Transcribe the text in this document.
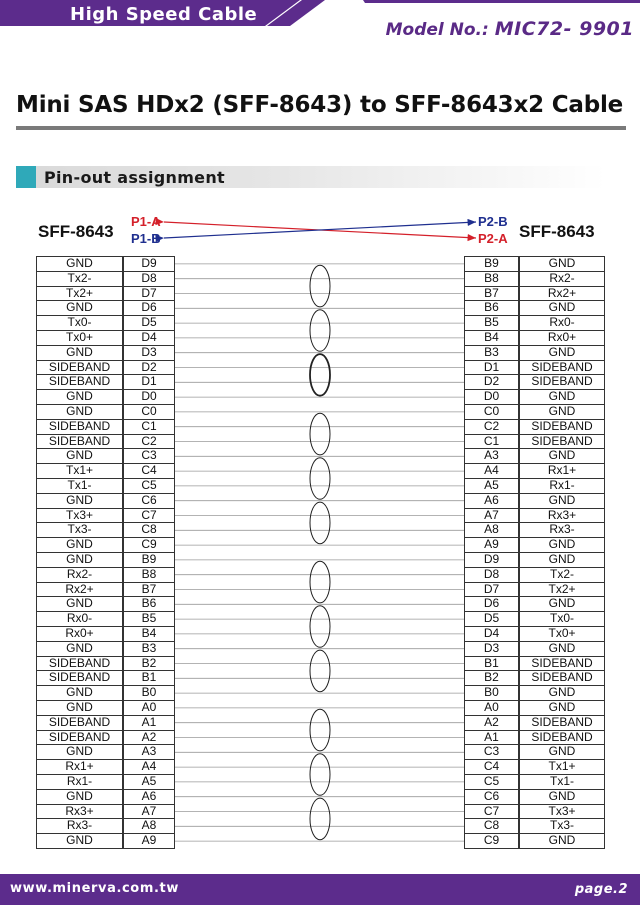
High Speed Cable
Model No.: MIC72- 9901
Mini SAS HDx2 (SFF-8643) to SFF-8643x2 Cable
Pin-out assignment
SFF-8643
P1-A
P1-B
P2-B
P2-A SFF-8643
GND	D9
Tx2-	D8
Tx2+	D7
GND	D6
Tx0-	D5
Tx0+	D4
GND	D3
SIDEBAND	D2
SIDEBAND	D1
GND	D0
GND	C0
SIDEBAND	C1
SIDEBAND	C2
GND	C3
Tx1+	C4
Tx1-	C5
GND	C6
Tx3+	C7
Tx3-	C8
GND	C9
GND	B9
Rx2-	B8
Rx2+	B7
GND	B6
Rx0-	B5
Rx0+	B4
GND	B3
SIDEBAND	B2
SIDEBAND	B1
GND	B0
GND	A0
SIDEBAND	A1
SIDEBAND	A2
GND	A3
Rx1+	A4
Rx1-	A5
GND	A6
Rx3+	A7
Rx3-	A8
GND	A9
B9	GND
B8	Rx2-
B7	Rx2+
B6	GND
B5	Rx0-
B4	Rx0+
B3	GND
D1	SIDEBAND
D2	SIDEBAND
D0	GND
C0	GND
C2	SIDEBAND
C1	SIDEBAND
A3	GND
A4	Rx1+
A5	Rx1-
A6	GND
A7	Rx3+
A8	Rx3-
A9	GND
D9	GND
D8	Tx2-
D7	Tx2+
D6	GND
D5	Tx0-
D4	Tx0+
D3	GND
B1	SIDEBAND
B2	SIDEBAND
B0	GND
A0	GND
A2	SIDEBAND
A1	SIDEBAND
C3	GND
C4	Tx1+
C5	Tx1-
C6	GND
C7	Tx3+
C8	Tx3-
C9	GND
www.minerva.com.tw	page.2
